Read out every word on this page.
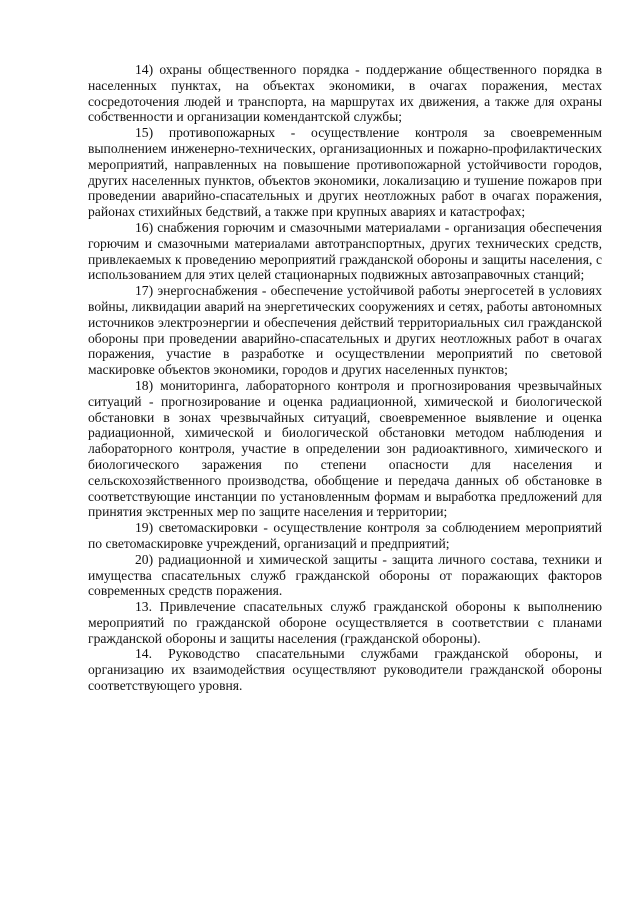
14) охраны общественного порядка - поддержание общественного порядка в населенных пунктах, на объектах экономики, в очагах поражения, местах сосредоточения людей и транспорта, на маршрутах их движения, а также для охраны собственности и организации комендантской службы;

15) противопожарных - осуществление контроля за своевременным выполнением инженерно-технических, организационных и пожарно-профилактических мероприятий, направленных на повышение противопожарной устойчивости городов, других населенных пунктов, объектов экономики, локализацию и тушение пожаров при проведении аварийно-спасательных и других неотложных работ в очагах поражения, районах стихийных бедствий, а также при крупных авариях и катастрофах;

16) снабжения горючим и смазочными материалами - организация обеспечения горючим и смазочными материалами автотранспортных, других технических средств, привлекаемых к проведению мероприятий гражданской обороны и защиты населения, с использованием для этих целей стационарных подвижных автозаправочных станций;

17) энергоснабжения - обеспечение устойчивой работы энергосетей в условиях войны, ликвидации аварий на энергетических сооружениях и сетях, работы автономных источников электроэнергии и обеспечения действий территориальных сил гражданской обороны при проведении аварийно-спасательных и других неотложных работ в очагах поражения, участие в разработке и осуществлении мероприятий по световой маскировке объектов экономики, городов и других населенных пунктов;

18) мониторинга, лабораторного контроля и прогнозирования чрезвычайных ситуаций - прогнозирование и оценка радиационной, химической и биологической обстановки в зонах чрезвычайных ситуаций, своевременное выявление и оценка радиационной, химической и биологической обстановки методом наблюдения и лабораторного контроля, участие в определении зон радиоактивного, химического и биологического заражения по степени опасности для населения и сельскохозяйственного производства, обобщение и передача данных об обстановке в соответствующие инстанции по установленным формам и выработка предложений для принятия экстренных мер по защите населения и территории;

19) светомаскировки - осуществление контроля за соблюдением мероприятий по светомаскировке учреждений, организаций и предприятий;

20) радиационной и химической защиты - защита личного состава, техники и имущества спасательных служб гражданской обороны от поражающих факторов современных средств поражения.

13. Привлечение спасательных служб гражданской обороны к выполнению мероприятий по гражданской обороне осуществляется в соответствии с планами гражданской обороны и защиты населения (гражданской обороны).

14. Руководство спасательными службами гражданской обороны, и организацию их взаимодействия осуществляют руководители гражданской обороны соответствующего уровня.
